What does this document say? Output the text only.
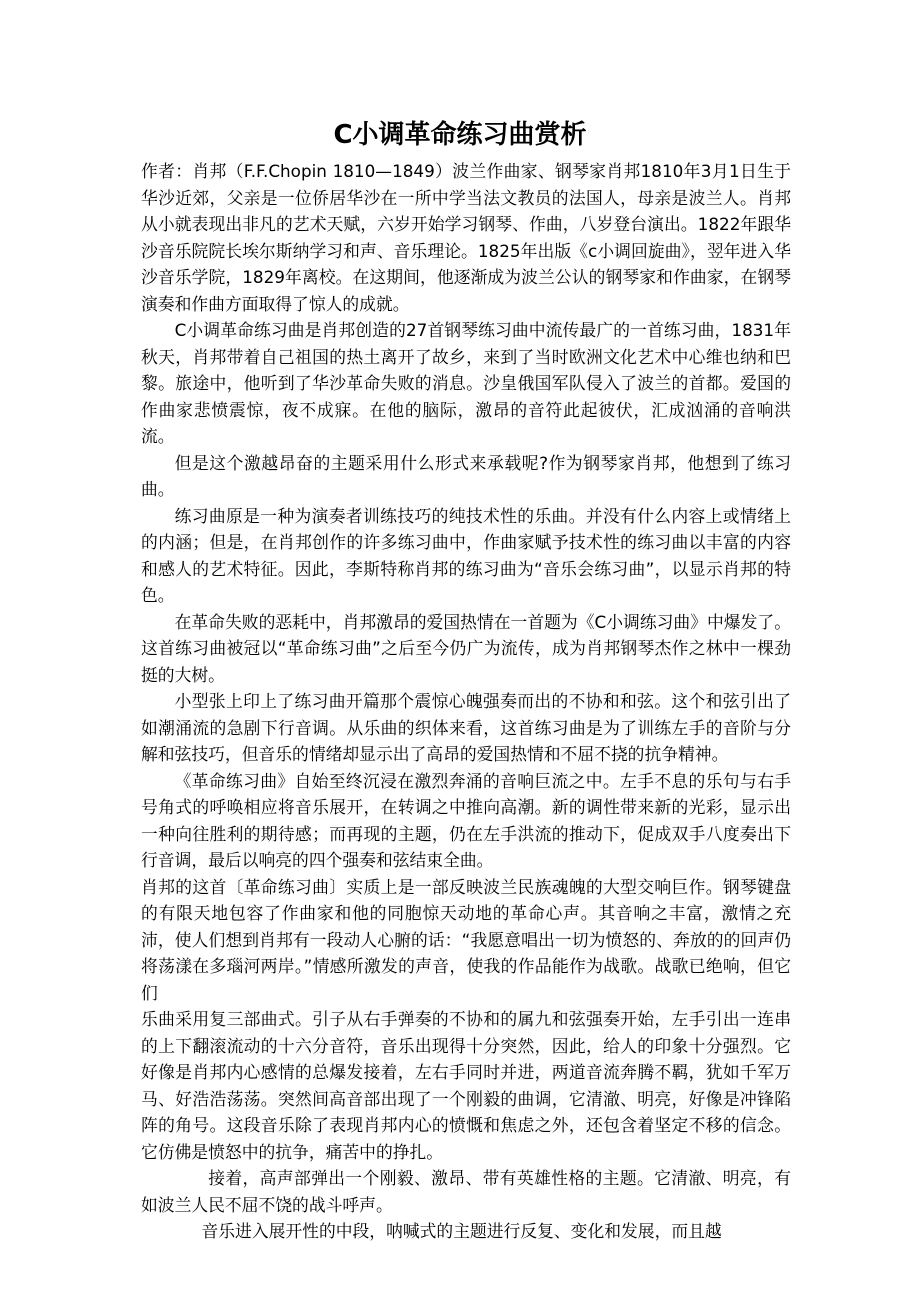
C小调革命练习曲赏析

作者：肖邦（F.F.Chopin 1810—1849）波兰作曲家、钢琴家肖邦1810年3月1日生于华沙近郊，父亲是一位侨居华沙在一所中学当法文教员的法国人，母亲是波兰人。肖邦从小就表现出非凡的艺术天赋，六岁开始学习钢琴、作曲，八岁登台演出。1822年跟华沙音乐院院长埃尔斯纳学习和声、音乐理论。1825年出版《c小调回旋曲》，翌年进入华沙音乐学院，1829年离校。在这期间，他逐渐成为波兰公认的钢琴家和作曲家，在钢琴演奏和作曲方面取得了惊人的成就。

C小调革命练习曲是肖邦创造的27首钢琴练习曲中流传最广的一首练习曲，1831年秋天，肖邦带着自己祖国的热土离开了故乡，来到了当时欧洲文化艺术中心维也纳和巴黎。旅途中，他听到了华沙革命失败的消息。沙皇俄国军队侵入了波兰的首都。爱国的作曲家悲愤震惊，夜不成寐。在他的脑际，激昂的音符此起彼伏，汇成汹涌的音响洪流。

但是这个激越昂奋的主题采用什么形式来承载呢?作为钢琴家肖邦，他想到了练习曲。

练习曲原是一种为演奏者训练技巧的纯技术性的乐曲。并没有什么内容上或情绪上的内涵；但是，在肖邦创作的许多练习曲中，作曲家赋予技术性的练习曲以丰富的内容和感人的艺术特征。因此，李斯特称肖邦的练习曲为“音乐会练习曲”，以显示肖邦的特色。

在革命失败的恶耗中，肖邦激昂的爱国热情在一首题为《C小调练习曲》中爆发了。这首练习曲被冠以“革命练习曲”之后至今仍广为流传，成为肖邦钢琴杰作之林中一棵劲挺的大树。

小型张上印上了练习曲开篇那个震惊心魄强奏而出的不协和和弦。这个和弦引出了如潮涌流的急剧下行音调。从乐曲的织体来看，这首练习曲是为了训练左手的音阶与分解和弦技巧，但音乐的情绪却显示出了高昂的爱国热情和不屈不挠的抗争精神。

《革命练习曲》自始至终沉浸在激烈奔涌的音响巨流之中。左手不息的乐句与右手号角式的呼唤相应将音乐展开，在转调之中推向高潮。新的调性带来新的光彩，显示出一种向往胜利的期待感；而再现的主题，仍在左手洪流的推动下，促成双手八度奏出下行音调，最后以响亮的四个强奏和弦结束全曲。

肖邦的这首〔革命练习曲〕实质上是一部反映波兰民族魂魄的大型交响巨作。钢琴键盘的有限天地包容了作曲家和他的同胞惊天动地的革命心声。其音响之丰富，激情之充沛，使人们想到肖邦有一段动人心腑的话：“我愿意唱出一切为愤怒的、奔放的的回声仍将荡漾在多瑙河两岸。”情感所激发的声音，使我的作品能作为战歌。战歌已绝响，但它们

乐曲采用复三部曲式。引子从右手弹奏的不协和的属九和弦强奏开始，左手引出一连串的上下翻滚流动的十六分音符，音乐出现得十分突然，因此，给人的印象十分强烈。它好像是肖邦内心感情的总爆发接着，左右手同时并进，两道音流奔腾不羁，犹如千军万马、好浩浩荡荡。突然间高音部出现了一个刚毅的曲调，它清澈、明亮，好像是冲锋陷阵的角号。这段音乐除了表现肖邦内心的愤慨和焦虑之外，还包含着坚定不移的信念。它仿佛是愤怒中的抗争，痛苦中的挣扎。

接着，高声部弹出一个刚毅、激昂、带有英雄性格的主题。它清澈、明亮，有如波兰人民不屈不饶的战斗呼声。

音乐进入展开性的中段，呐喊式的主题进行反复、变化和发展，而且越
